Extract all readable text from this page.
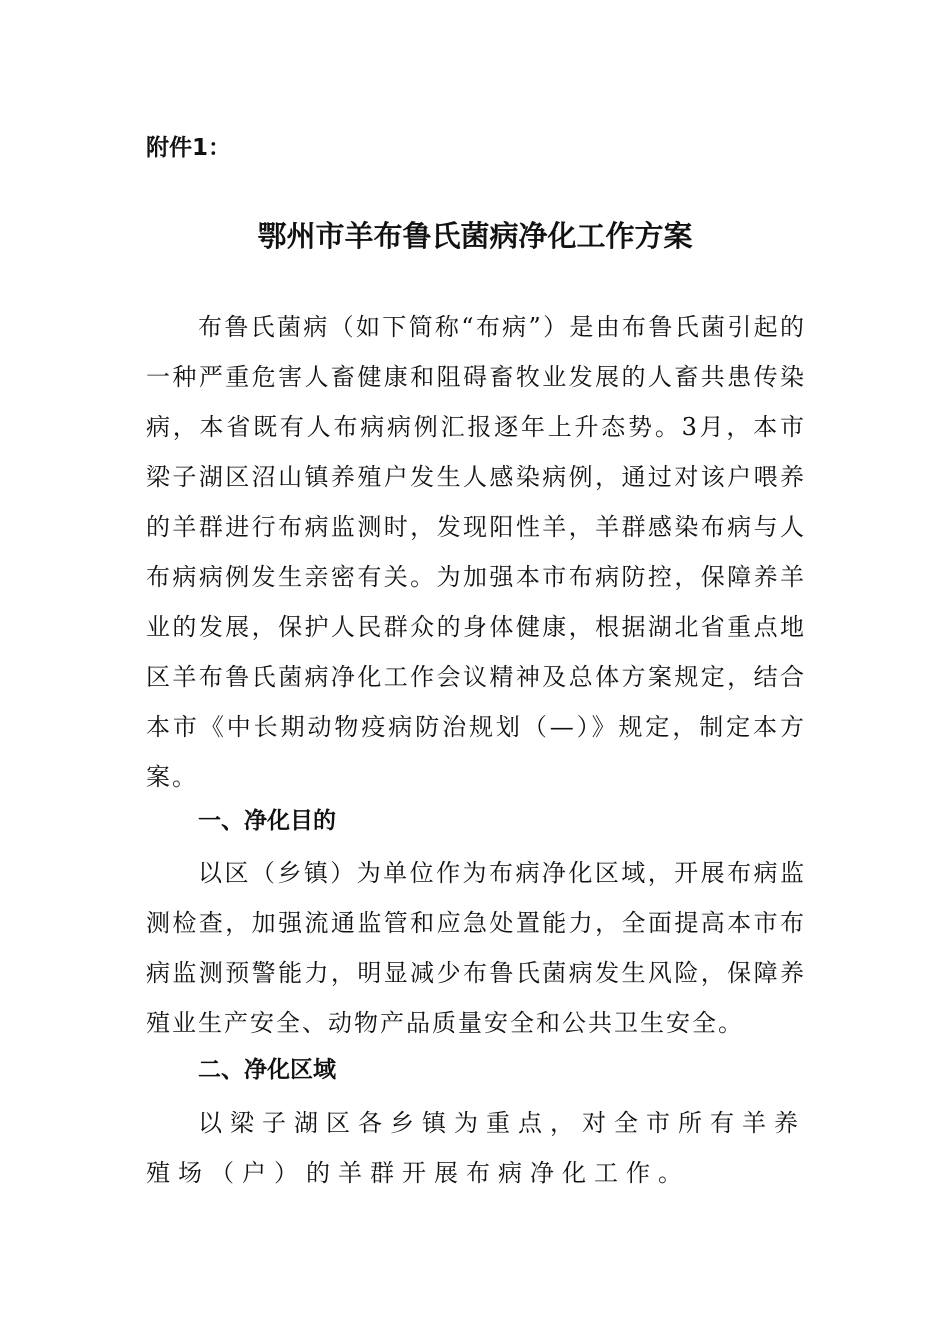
附件1：

鄂州市羊布鲁氏菌病净化工作方案

布鲁氏菌病（如下简称“布病”）是由布鲁氏菌引起的一种严重危害人畜健康和阻碍畜牧业发展的人畜共患传染病，本省既有人布病病例汇报逐年上升态势。3月，本市梁子湖区沼山镇养殖户发生人感染病例，通过对该户喂养的羊群进行布病监测时，发现阳性羊，羊群感染布病与人布病病例发生亲密有关。为加强本市布病防控，保障养羊业的发展，保护人民群众的身体健康，根据湖北省重点地区羊布鲁氏菌病净化工作会议精神及总体方案规定，结合本市《中长期动物疫病防治规划（—）》规定，制定本方案。

一、净化目的

以区（乡镇）为单位作为布病净化区域，开展布病监测检查，加强流通监管和应急处置能力，全面提高本市布病监测预警能力，明显减少布鲁氏菌病发生风险，保障养殖业生产安全、动物产品质量安全和公共卫生安全。

二、净化区域

以梁子湖区各乡镇为重点，对全市所有羊养殖场（户）的羊群开展布病净化工作。
